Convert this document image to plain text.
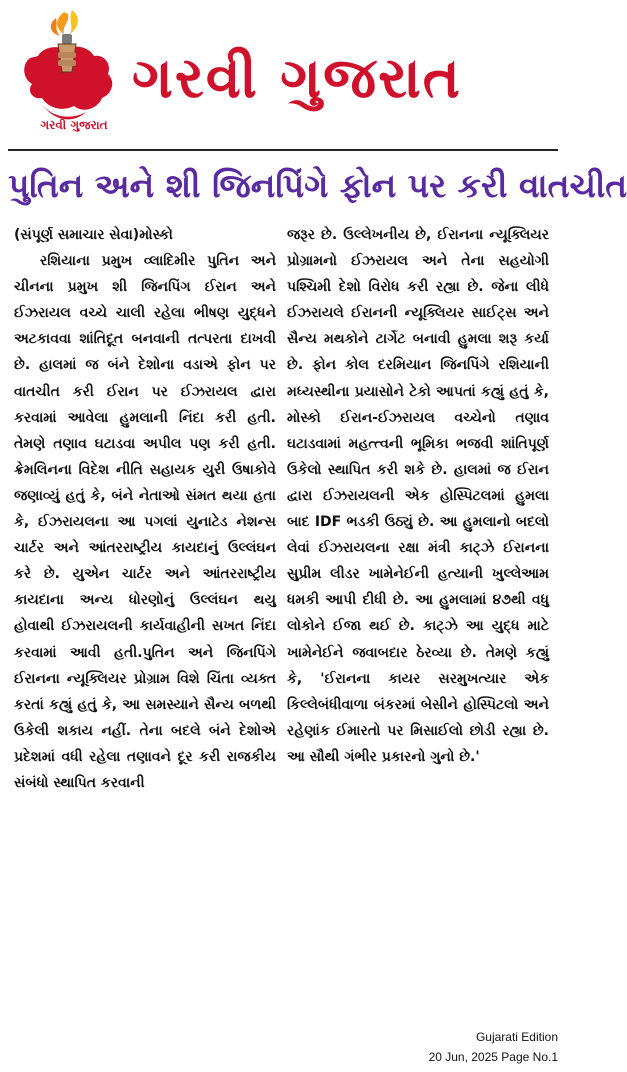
ગરવી ગુજરાત
ગરવી ગુજરાત
પુતિન અને શી જિનપિંગે ફોન પર કરી વાતચીત

(સંપૂર્ણ સમાચાર સેવા)મોસ્કો

રશિયાના પ્રમુખ વ્લાદિમીર પુતિન અને ચીનના પ્રમુખ શી જિનપિંગ ઈરાન અને ઈઝરાયલ વચ્ચે ચાલી રહેલા ભીષણ યુદ્ધને અટકાવવા શાંતિદૂત બનવાની તત્પરતા દાખવી છે. હાલમાં જ બંને દેશોના વડાએ ફોન પર વાતચીત કરી ઈરાન પર ઈઝરાયલ દ્વારા કરવામાં આવેલા હુમલાની નિંદા કરી હતી. તેમણે તણાવ ઘટાડવા અપીલ પણ કરી હતી. ક્રેમલિનના વિદેશ નીતિ સહાયક યુરી ઉષાકોવે જણાવ્યું હતું કે, બંને નેતાઓ સંમત થયા હતા કે, ઈઝરાયલના આ પગલાં યુનાટેડ નેશન્સ ચાર્ટર અને આંતરરાષ્ટ્રીય કાયદાનું ઉલ્લંઘન કરે છે. યુએન ચાર્ટર અને આંતરરાષ્ટ્રીય કાયદાના અન્ય ધોરણોનું ઉલ્લંઘન થયુ હોવાથી ઈઝરાયલની કાર્યવાહીની સખત નિંદા કરવામાં આવી હતી.પુતિન અને જિનપિંગે ઈરાનના ન્યૂક્લિયર પ્રોગ્રામ વિશે ચિંતા વ્યક્ત કરતાં કહ્યું હતું કે, આ સમસ્યાને સૈન્ય બળથી ઉકેલી શકાય નહીં. તેના બદલે બંને દેશોએ પ્રદેશમાં વધી રહેલા તણાવને દૂર કરી રાજકીય સંબંધો સ્થાપિત કરવાની

જરૂર છે. ઉલ્લેખનીય છે, ઈરાનના ન્યૂક્લિયર પ્રોગ્રામનો ઈઝરાયલ અને તેના સહયોગી પશ્ચિમી દેશો વિરોધ કરી રહ્યા છે. જેના લીધે ઈઝરાયલે ઈરાનની ન્યૂક્લિયર સાઈટ્સ અને સૈન્ય મથકોને ટાર્ગેટ બનાવી હુમલા શરૂ કર્યા છે. ફોન કોલ દરમિયાન જિનપિંગે રશિયાની મધ્યસ્થીના પ્રયાસોને ટેકો આપતાં કહ્યું હતું કે, મોસ્કો ઈરાન-ઈઝરાયલ વચ્ચેનો તણાવ ઘટાડવામાં મહત્ત્વની ભૂમિકા ભજવી શાંતિપૂર્ણ ઉકેલો સ્થાપિત કરી શકે છે. હાલમાં જ ઈરાન દ્વારા ઈઝરાયલની એક હોસ્પિટલમાં હુમલા બાદ IDF ભડકી ઉઠ્યું છે. આ હુમલાનો બદલો લેવાં ઈઝરાયલના રક્ષા મંત્રી કાટ્ઝે ઈરાનના સુપ્રીમ લીડર ખામેનેઈની હત્યાની ખુલ્લેઆમ ધમકી આપી દીધી છે. આ હુમલામાં ૪૭થી વધુ લોકોને ઈજા થઈ છે. કાટ્ઝે આ યુદ્ધ માટે ખામેનેઈને જવાબદાર ઠેરવ્યા છે. તેમણે કહ્યું કે, 'ઈરાનના કાયર સરમુખત્યાર એક કિલ્લેબંધીવાળા બંકરમાં બેસીને હોસ્પિટલો અને રહેણાંક ઈમારતો પર મિસાઈલો છોડી રહ્યા છે. આ સૌથી ગંભીર પ્રકારનો ગુનો છે.'

Gujarati Edition
20 Jun, 2025 Page No.1
